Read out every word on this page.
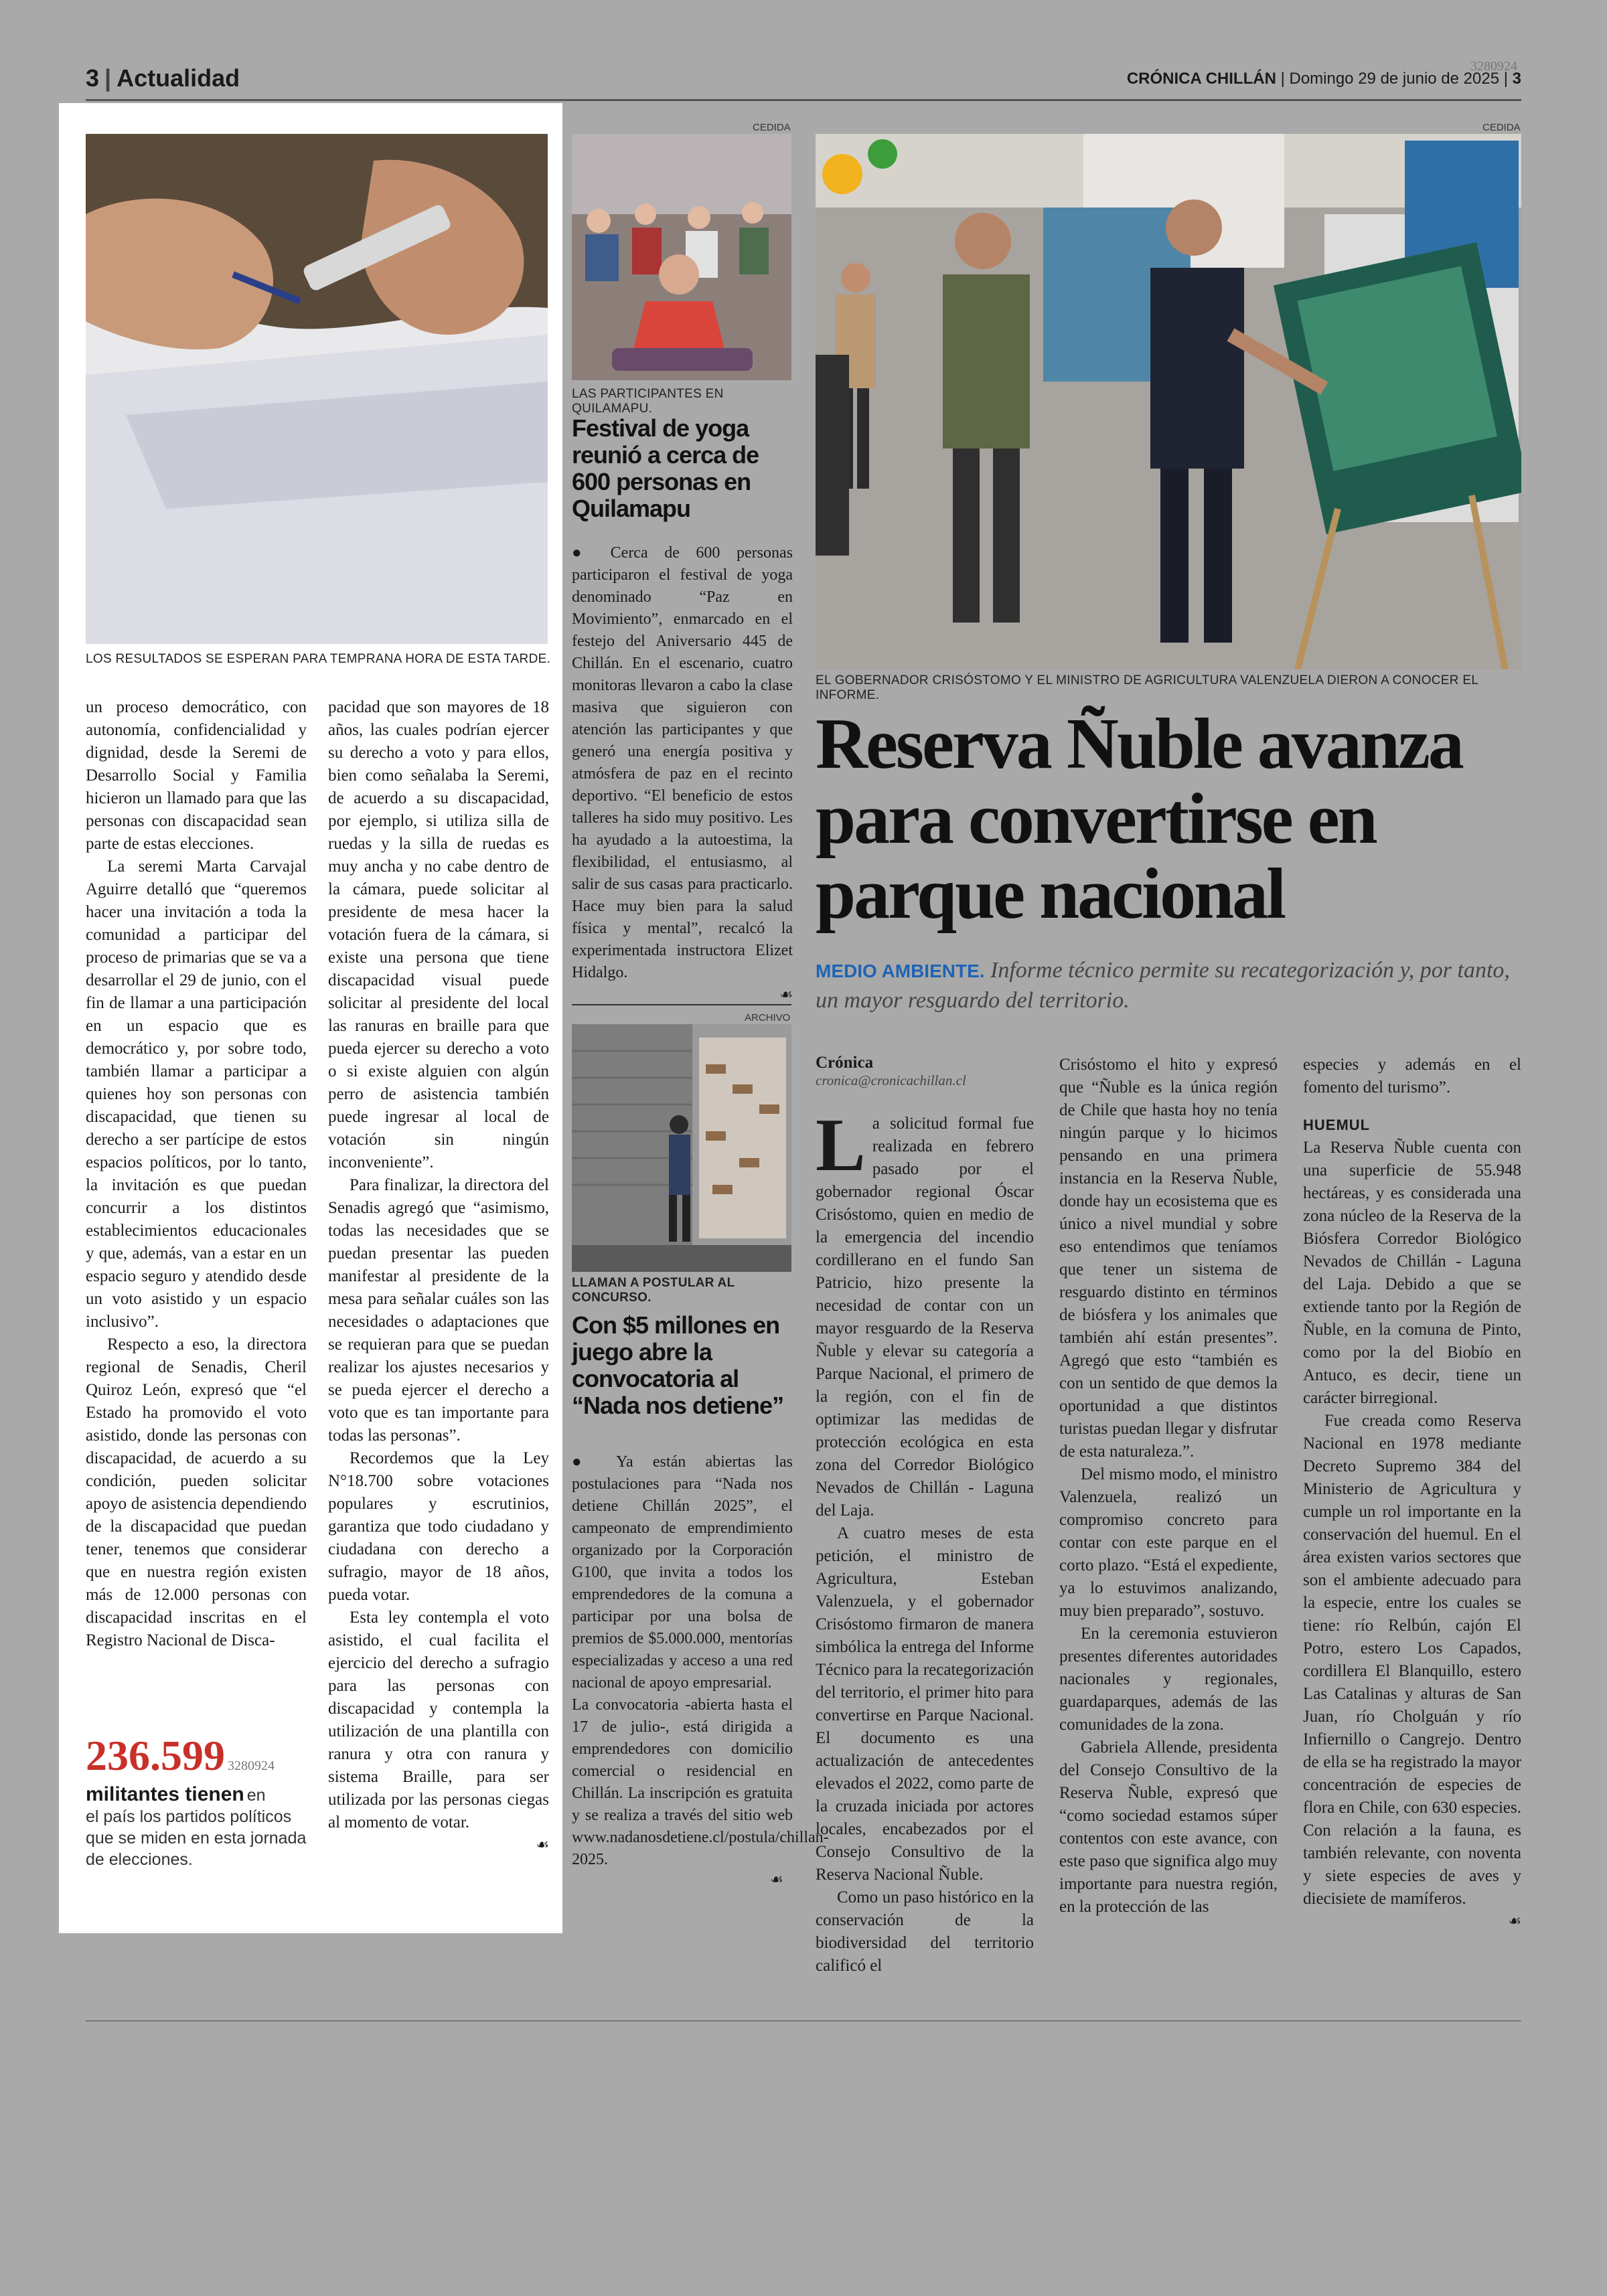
3 | Actualidad	3280924
CRÓNICA CHILLÁN | Domingo 29 de junio de 2025 | 3
LOS RESULTADOS SE ESPERAN PARA TEMPRANA HORA DE ESTA TARDE.

un proceso democrático, con autonomía, confidencialidad y dignidad, desde la Seremi de Desarrollo Social y Familia hicieron un llamado para que las personas con discapacidad sean parte de estas elecciones.

La seremi Marta Carvajal Aguirre detalló que “queremos hacer una invitación a toda la comunidad a participar del proceso de primarias que se va a desarrollar el 29 de junio, con el fin de llamar a una participación en un espacio que es democrático y, por sobre todo, también llamar a participar a quienes hoy son personas con discapacidad, que tienen su derecho a ser partícipe de estos espacios políticos, por lo tanto, la invitación es que puedan concurrir a los distintos establecimientos educacionales y que, además, van a estar en un espacio seguro y atendido desde un voto asistido y un espacio inclusivo”.

Respecto a eso, la directora regional de Senadis, Cheril Quiroz León, expresó que “el Estado ha promovido el voto asistido, donde las personas con discapacidad, de acuerdo a su condición, pueden solicitar apoyo de asistencia dependiendo de la discapacidad que puedan tener, tenemos que considerar que en nuestra región existen más de 12.000 personas con discapacidad inscritas en el Registro Nacional de Disca-

pacidad que son mayores de 18 años, las cuales podrían ejercer su derecho a voto y para ellos, bien como señalaba la Seremi, de acuerdo a su discapacidad, por ejemplo, si utiliza silla de ruedas y la silla de ruedas es muy ancha y no cabe dentro de la cámara, puede solicitar al presidente de mesa hacer la votación fuera de la cámara, si existe una persona que tiene discapacidad visual puede solicitar al presidente del local las ranuras en braille para que pueda ejercer su derecho a voto o si existe alguien con algún perro de asistencia también puede ingresar al local de votación sin ningún inconveniente”.

Para finalizar, la directora del Senadis agregó que “asimismo, todas las necesidades que se puedan presentar las pueden manifestar al presidente de la mesa para señalar cuáles son las necesidades o adaptaciones que se requieran para que se puedan realizar los ajustes necesarios y se pueda ejercer el derecho a voto que es tan importante para todas las personas”.

Recordemos que la Ley N°18.700 sobre votaciones populares y escrutinios, garantiza que todo ciudadano y ciudadana con derecho a sufragio, mayor de 18 años, pueda votar.

Esta ley contempla el voto asistido, el cual facilita el ejercicio del derecho a sufragio para las personas con discapacidad y contempla la utilización de una plantilla con ranura y otra con ranura y sistema Braille, para ser utilizada por las personas ciegas al momento de votar.

☙
236.599 3280924
militantes tienen en
el país los partidos políticos que se miden en esta jornada de elecciones.
CEDIDA
LAS PARTICIPANTES EN QUILAMAPU.
Festival de yoga reunió a cerca de 600 personas en Quilamapu

● Cerca de 600 personas participaron el festival de yoga denominado “Paz en Movimiento”, enmarcado en el festejo del Aniversario 445 de Chillán. En el escenario, cuatro monitoras llevaron a cabo la clase masiva que siguieron con atención las participantes y que generó una energía positiva y atmósfera de paz en el recinto deportivo. “El beneficio de estos talleres ha sido muy positivo. Les ha ayudado a la autoestima, la flexibilidad, el entusiasmo, al salir de sus casas para practicarlo. Hace muy bien para la salud física y mental”, recalcó la experimentada instructora Elizet Hidalgo.

☙
ARCHIVO
LLAMAN A POSTULAR AL CONCURSO.
Con $5 millones en juego abre la convocatoria al “Nada nos detiene”

● Ya están abiertas las postulaciones para “Nada nos detiene Chillán 2025”, el campeonato de emprendimiento organizado por la Corporación G100, que invita a todos los emprendedores de la comuna a participar por una bolsa de premios de $5.000.000, mentorías especializadas y acceso a una red nacional de apoyo empresarial.

La convocatoria -abierta hasta el 17 de julio-, está dirigida a emprendedores con domicilio comercial o residencial en Chillán. La inscripción es gratuita y se realiza a través del sitio web www.nadanosdetiene.cl/postula/chillan-2025.

☙
CEDIDA
EL GOBERNADOR CRISÓSTOMO Y EL MINISTRO DE AGRICULTURA VALENZUELA DIERON A CONOCER EL INFORME.
Reserva Ñuble avanza para convertirse en parque nacional
MEDIO AMBIENTE. Informe técnico permite su recategorización y, por tanto, un mayor resguardo del territorio.
Crónica
cronica@cronicachillan.cl

La solicitud formal fue realizada en febrero pasado por el gobernador regional Óscar Crisóstomo, quien en medio de la emergencia del incendio cordillerano en el fundo San Patricio, hizo presente la necesidad de contar con un mayor resguardo de la Reserva Ñuble y elevar su categoría a Parque Nacional, el primero de la región, con el fin de optimizar las medidas de protección ecológica en esta zona del Corredor Biológico Nevados de Chillán - Laguna del Laja.

A cuatro meses de esta petición, el ministro de Agricultura, Esteban Valenzuela, y el gobernador Crisóstomo firmaron de manera simbólica la entrega del Informe Técnico para la recategorización del territorio, el primer hito para convertirse en Parque Nacional. El documento es una actualización de antecedentes elevados el 2022, como parte de la cruzada iniciada por actores locales, encabezados por el Consejo Consultivo de la Reserva Nacional Ñuble.

Como un paso histórico en la conservación de la biodiversidad del territorio calificó el

Crisóstomo el hito y expresó que “Ñuble es la única región de Chile que hasta hoy no tenía ningún parque y lo hicimos pensando en una primera instancia en la Reserva Ñuble, donde hay un ecosistema que es único a nivel mundial y sobre eso entendimos que teníamos que tener un sistema de resguardo distinto en términos de biósfera y los animales que también ahí están presentes”. Agregó que esto “también es con un sentido de que demos la oportunidad a que distintos turistas puedan llegar y disfrutar de esta naturaleza.”.

Del mismo modo, el ministro Valenzuela, realizó un compromiso concreto para contar con este parque en el corto plazo. “Está el expediente, ya lo estuvimos analizando, muy bien preparado”, sostuvo.

En la ceremonia estuvieron presentes diferentes autoridades nacionales y regionales, guardaparques, además de las comunidades de la zona.

Gabriela Allende, presidenta del Consejo Consultivo de la Reserva Ñuble, expresó que “como sociedad estamos súper contentos con este avance, con este paso que significa algo muy importante para nuestra región, en la protección de las

especies y además en el fomento del turismo”.

HUEMUL

La Reserva Ñuble cuenta con una superficie de 55.948 hectáreas, y es considerada una zona núcleo de la Reserva de la Biósfera Corredor Biológico Nevados de Chillán - Laguna del Laja. Debido a que se extiende tanto por la Región de Ñuble, en la comuna de Pinto, como por la del Biobío en Antuco, es decir, tiene un carácter birregional.

Fue creada como Reserva Nacional en 1978 mediante Decreto Supremo 384 del Ministerio de Agricultura y cumple un rol importante en la conservación del huemul. En el área existen varios sectores que son el ambiente adecuado para la especie, entre los cuales se tiene: río Relbún, cajón El Potro, estero Los Capados, cordillera El Blanquillo, estero Las Catalinas y alturas de San Juan, río Cholguán y río Infiernillo o Cangrejo. Dentro de ella se ha registrado la mayor concentración de especies de flora en Chile, con 630 especies. Con relación a la fauna, es también relevante, con noventa y siete especies de aves y diecisiete de mamíferos.

☙
